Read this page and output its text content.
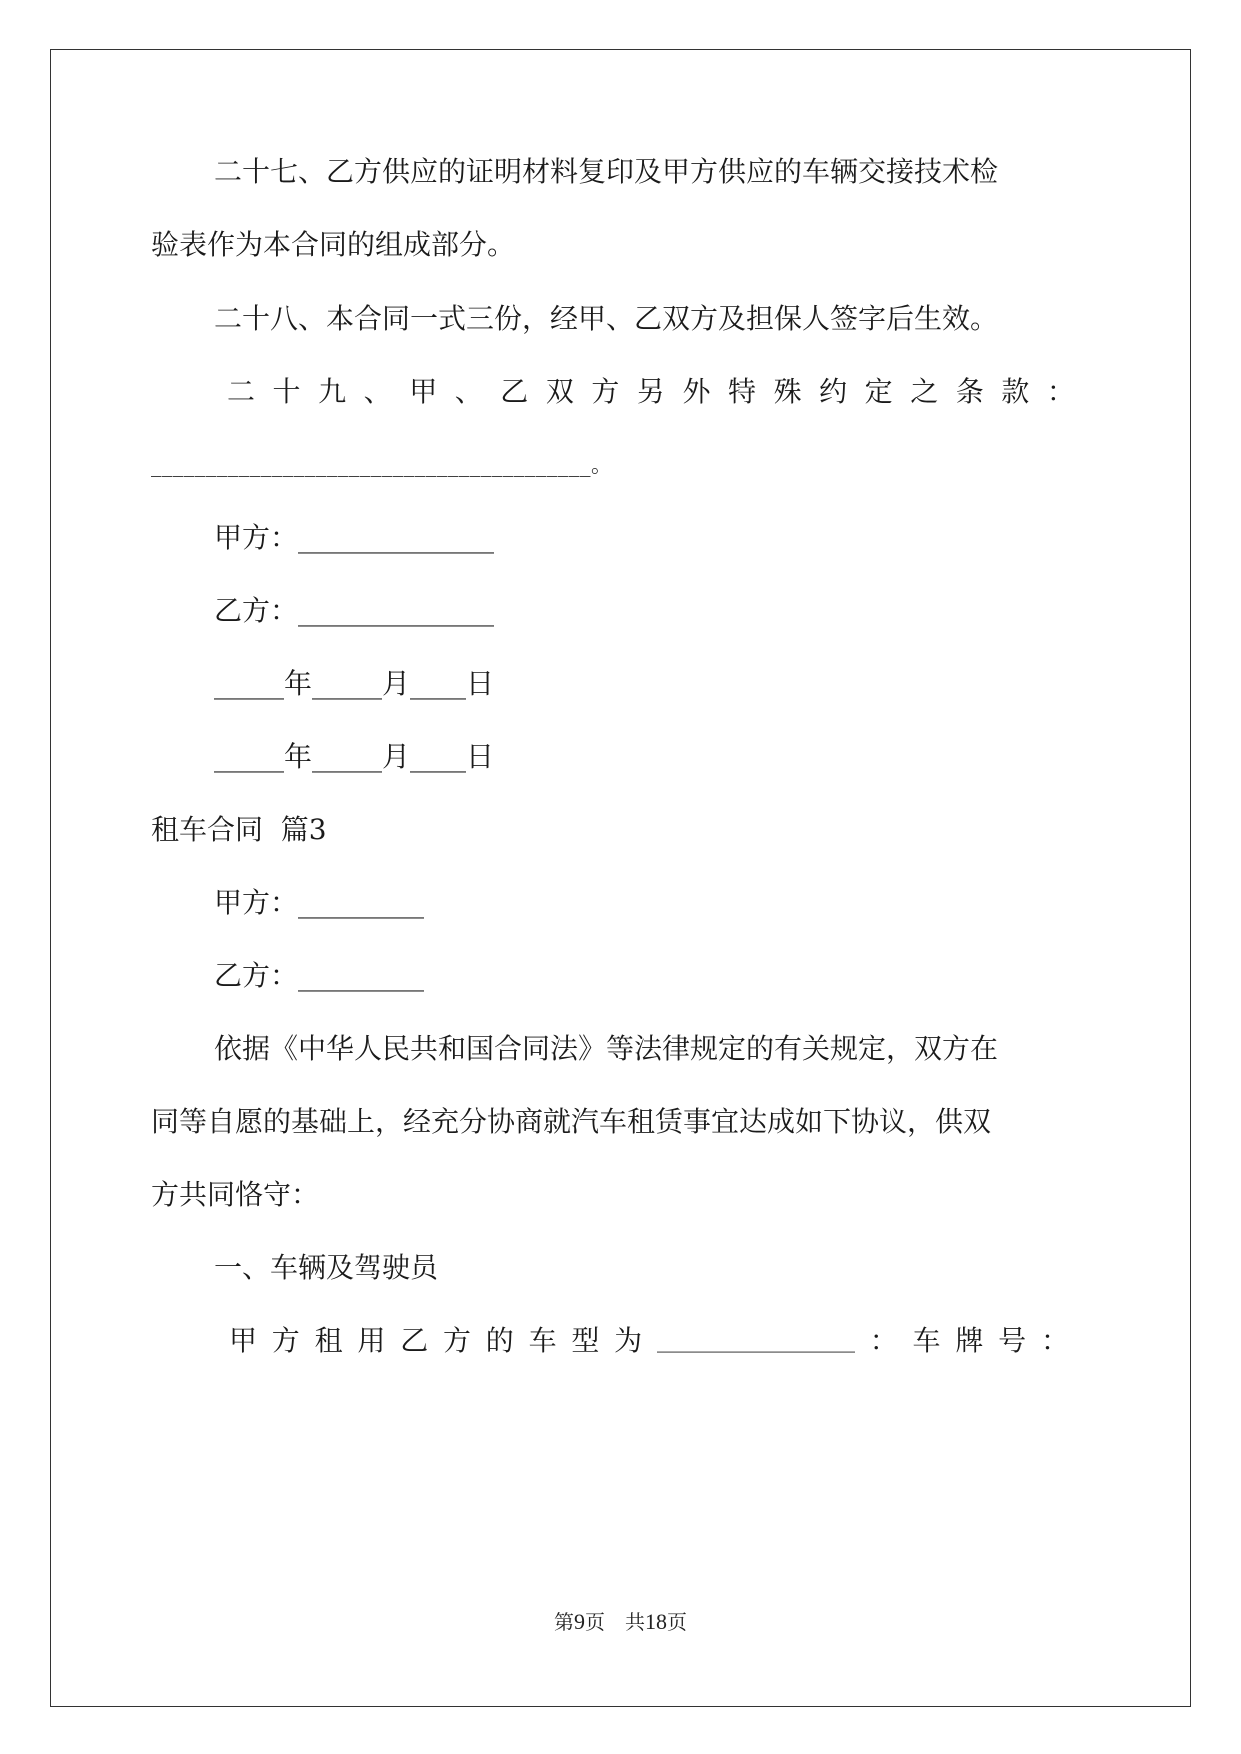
二十七、乙方供应的证明材料复印及甲方供应的车辆交接技术检
验表作为本合同的组成部分。
二十八、本合同一式三份，经甲、乙双方及担保人签字后生效。
二 十 九 、 甲 、 乙 双 方 另 外 特 殊 约 定 之 条 款 ：
________________________________________。
甲方：______________
乙方：______________
_____年_____月____日
_____年_____月____日
租车合同  篇3
甲方：_________
乙方：_________
依据《中华人民共和国合同法》等法律规定的有关规定，双方在
同等自愿的基础上，经充分协商就汽车租赁事宜达成如下协议，供双
方共同恪守：
一、车辆及驾驶员
甲 方 租 用 乙 方 的 车 型 为 __________________ ： 车 牌 号 ：
第9页　共18页
